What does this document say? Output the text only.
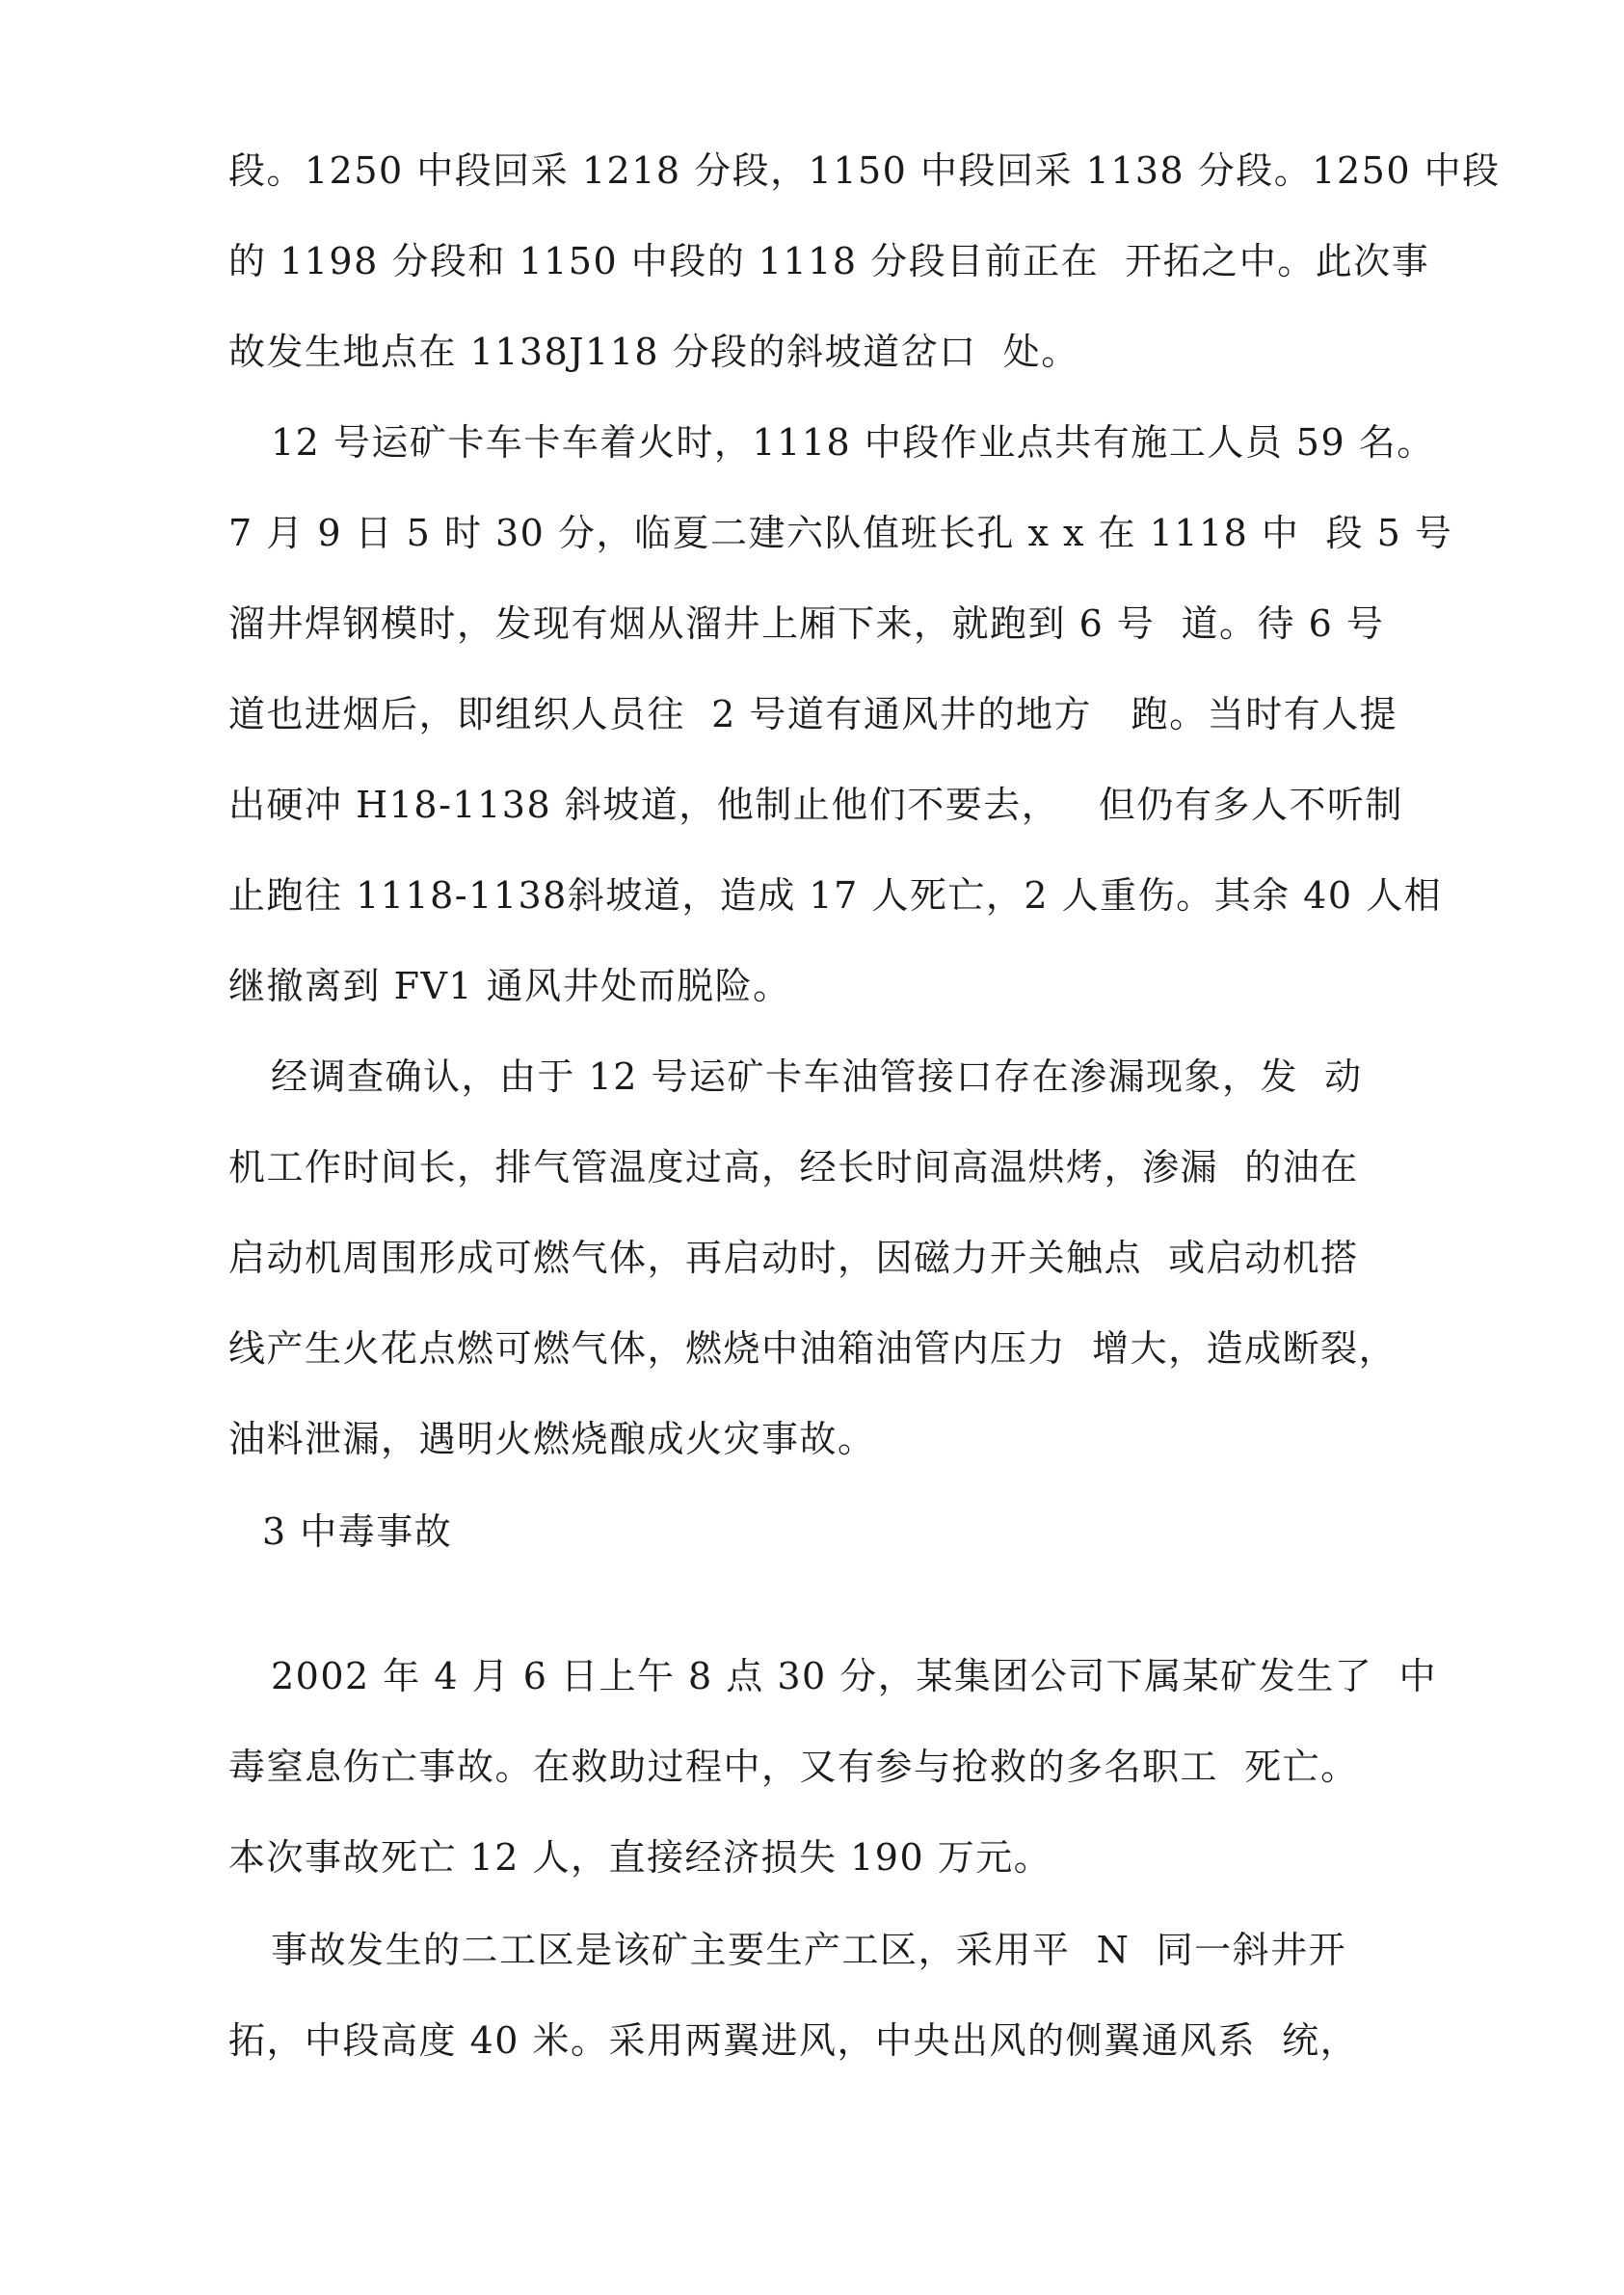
段。1250 中段回采 1218 分段，1150 中段回采 1138 分段。1250 中段

的 1198 分段和 1150 中段的 1118 分段目前正在  开拓之中。此次事

故发生地点在 1138J118 分段的斜坡道岔口  处。

12 号运矿卡车卡车着火时，1118 中段作业点共有施工人员 59 名。

7 月 9 日 5 时 30 分，临夏二建六队值班长孔 x x 在 1118 中  段 5 号

溜井焊钢模时，发现有烟从溜井上厢下来，就跑到 6 号  道。待 6 号

道也进烟后，即组织人员往  2 号道有通风井的地方   跑。当时有人提

出硬冲 H18-1138 斜坡道，他制止他们不要去，   但仍有多人不听制

止跑往 1118-1138斜坡道，造成 17 人死亡，2 人重伤。其余 40 人相

继撤离到 FV1 通风井处而脱险。

经调查确认，由于 12 号运矿卡车油管接口存在渗漏现象，发  动

机工作时间长，排气管温度过高，经长时间高温烘烤，渗漏  的油在

启动机周围形成可燃气体，再启动时，因磁力开关触点  或启动机搭

线产生火花点燃可燃气体，燃烧中油箱油管内压力  增大，造成断裂，

油料泄漏，遇明火燃烧酿成火灾事故。

3 中毒事故

2002 年 4 月 6 日上午 8 点 30 分，某集团公司下属某矿发生了  中

毒窒息伤亡事故。在救助过程中，又有参与抢救的多名职工  死亡。

本次事故死亡 12 人，直接经济损失 190 万元。

事故发生的二工区是该矿主要生产工区，采用平  N  同一斜井开

拓，中段高度 40 米。采用两翼进风，中央出风的侧翼通风系  统，
